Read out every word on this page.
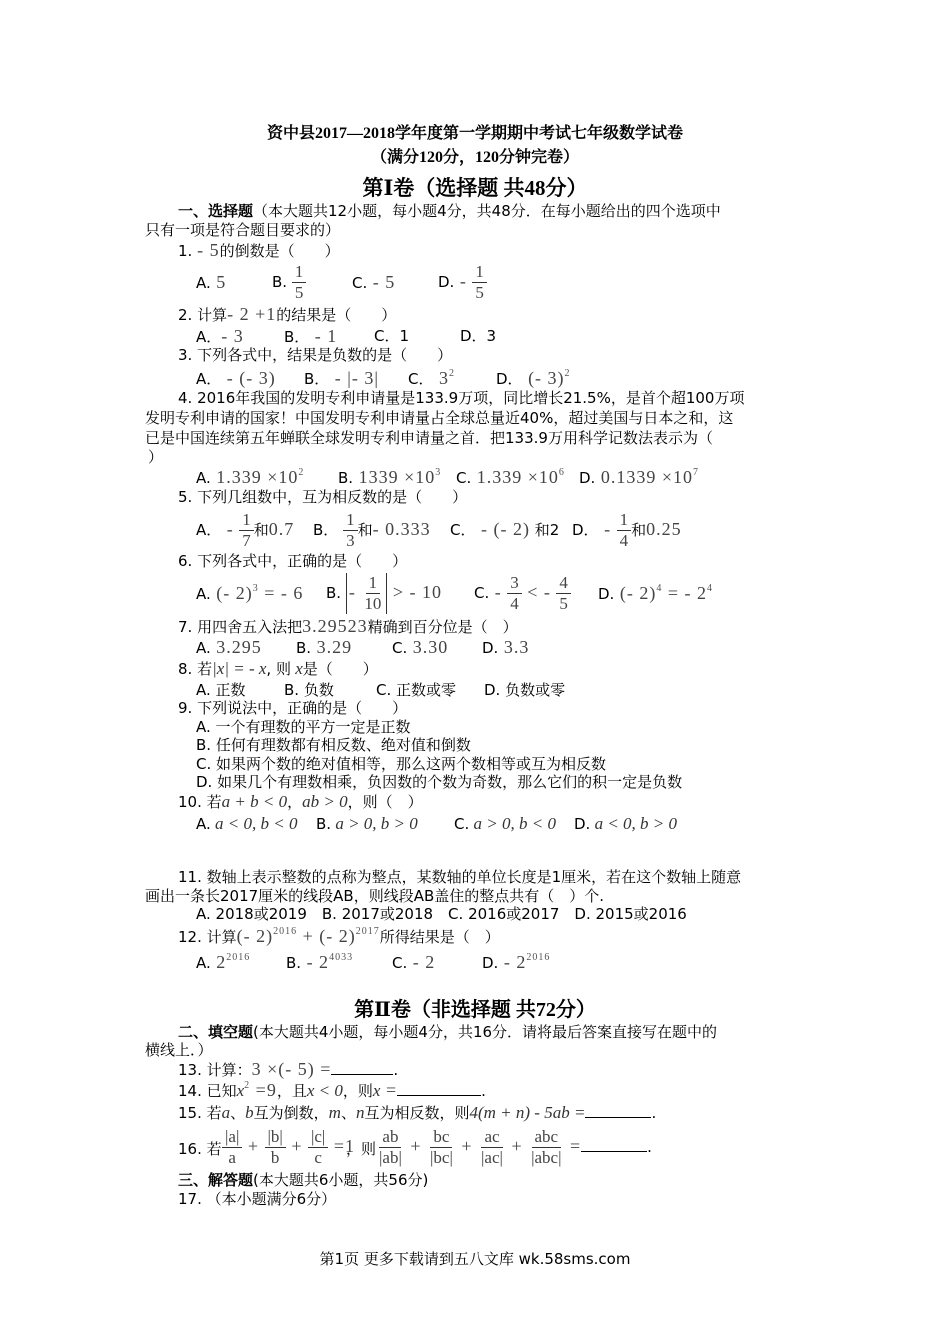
资中县2017—2018学年度第一学期期中考试七年级数学试卷
（满分120分，120分钟完卷）
第Ⅰ卷（选择题 共48分）
一、选择题（本大题共12小题，每小题4分，共48分．在每小题给出的四个选项中
只有一项是符合题目要求的）
1. - 5的倒数是（　　）
A. 5	B. $\frac{1}{5}$	C. - 5	D. - $\frac{1}{5}$
2. 计算- 2 +1的结果是（　　）
A．- 3	B． - 1 C．1	D．3
3. 下列各式中，结果是负数的是（　　）
A． - (- 3) B． - |- 3| C． $3^2$	D． (- 3)$^2$
4. 2016年我国的发明专利申请量是133.9万项，同比增长21.5%，是首个超100万项
发明专利申请的国家！中国发明专利申请量占全球总量近40%，超过美国与日本之和，这
已是中国连续第五年蝉联全球发明专利申请量之首．把133.9万用科学记数法表示为（
）
A. $1.339 \times 10^2$ B. $1339 \times 10^3$ C. $1.339 \times 10^6$ D. $0.1339 \times 10^7$
5. 下列几组数中，互为相反数的是（　　）
A． - $\frac{1}{7}$ 和0.7 B． $\frac{1}{3}$ 和- 0.333 C． - (- 2) 和2 D． - $\frac{1}{4}$ 和0.25
6. 下列各式中，正确的是（　　）
A. (- 2)$^3$ = - 6 B. - $\frac{1}{10}$ > - 10 C. - $\frac{3}{4}$ < - $\frac{4}{5} D$. (- 2)$^4$ = - $2^4$
7. 用四舍五入法把3.29523精确到百分位是（　）
A. 3.295 B. 3.29	C. 3.30 D. 3.3
8. 若|x| = - x, 则 x是（　　）
A. 正数	B. 负数	C. 正数或零 D. 负数或零
9. 下列说法中，正确的是（　　）
A. 一个有理数的平方一定是正数
B. 任何有理数都有相反数、绝对值和倒数
C. 如果两个数的绝对值相等，那么这两个数相等或互为相反数
D. 如果几个有理数相乘，负因数的个数为奇数，那么它们的积一定是负数
10. 若a + b < 0，ab > 0，则（　）
A. a < 0, b < 0 B. a > 0, b > 0 C. a > 0, b < 0 D. a < 0, b > 0
11. 数轴上表示整数的点称为整点，某数轴的单位长度是1厘米，若在这个数轴上随意
画出一条长2017厘米的线段AB，则线段AB盖住的整点共有（　）个.
A. 2018或2019　B. 2017或2018　C. 2016或2017　D. 2015或2016
12. 计算(- 2)$^{2016}$ + (- 2)$^{2017}$所得结果是（　）
A. $2^{2016}$ B. - $2^{4033}$	C. - 2	D. - $2^{2016}$
第Ⅱ卷（非选择题 共72分）
二、填空题(本大题共4小题，每小题4分，共16分．请将最后答案直接写在题中的
横线上．）
13. 计算：3 ×(- 5) =	.
14. 已知$x^2 =9$，且x < 0，则x =	.
15. 若a、b互为倒数，m、n互为相反数，则4(m + n) - 5ab =	.
16. 若 $\frac{|a|}{a} + \frac{|b|}{b} + \frac{|c|}{c} =1$
，则 $\frac{ab}{|ab|} + \frac{bc}{|bc|} + \frac{ac}{|ac|} + \frac{\text{abc}}{\text{|abc|}}$ =	.
三、解答题(本大题共6小题，共56分)
17. （本小题满分6分）
第1页 更多下载请到五八文库 wk.58sms.com
